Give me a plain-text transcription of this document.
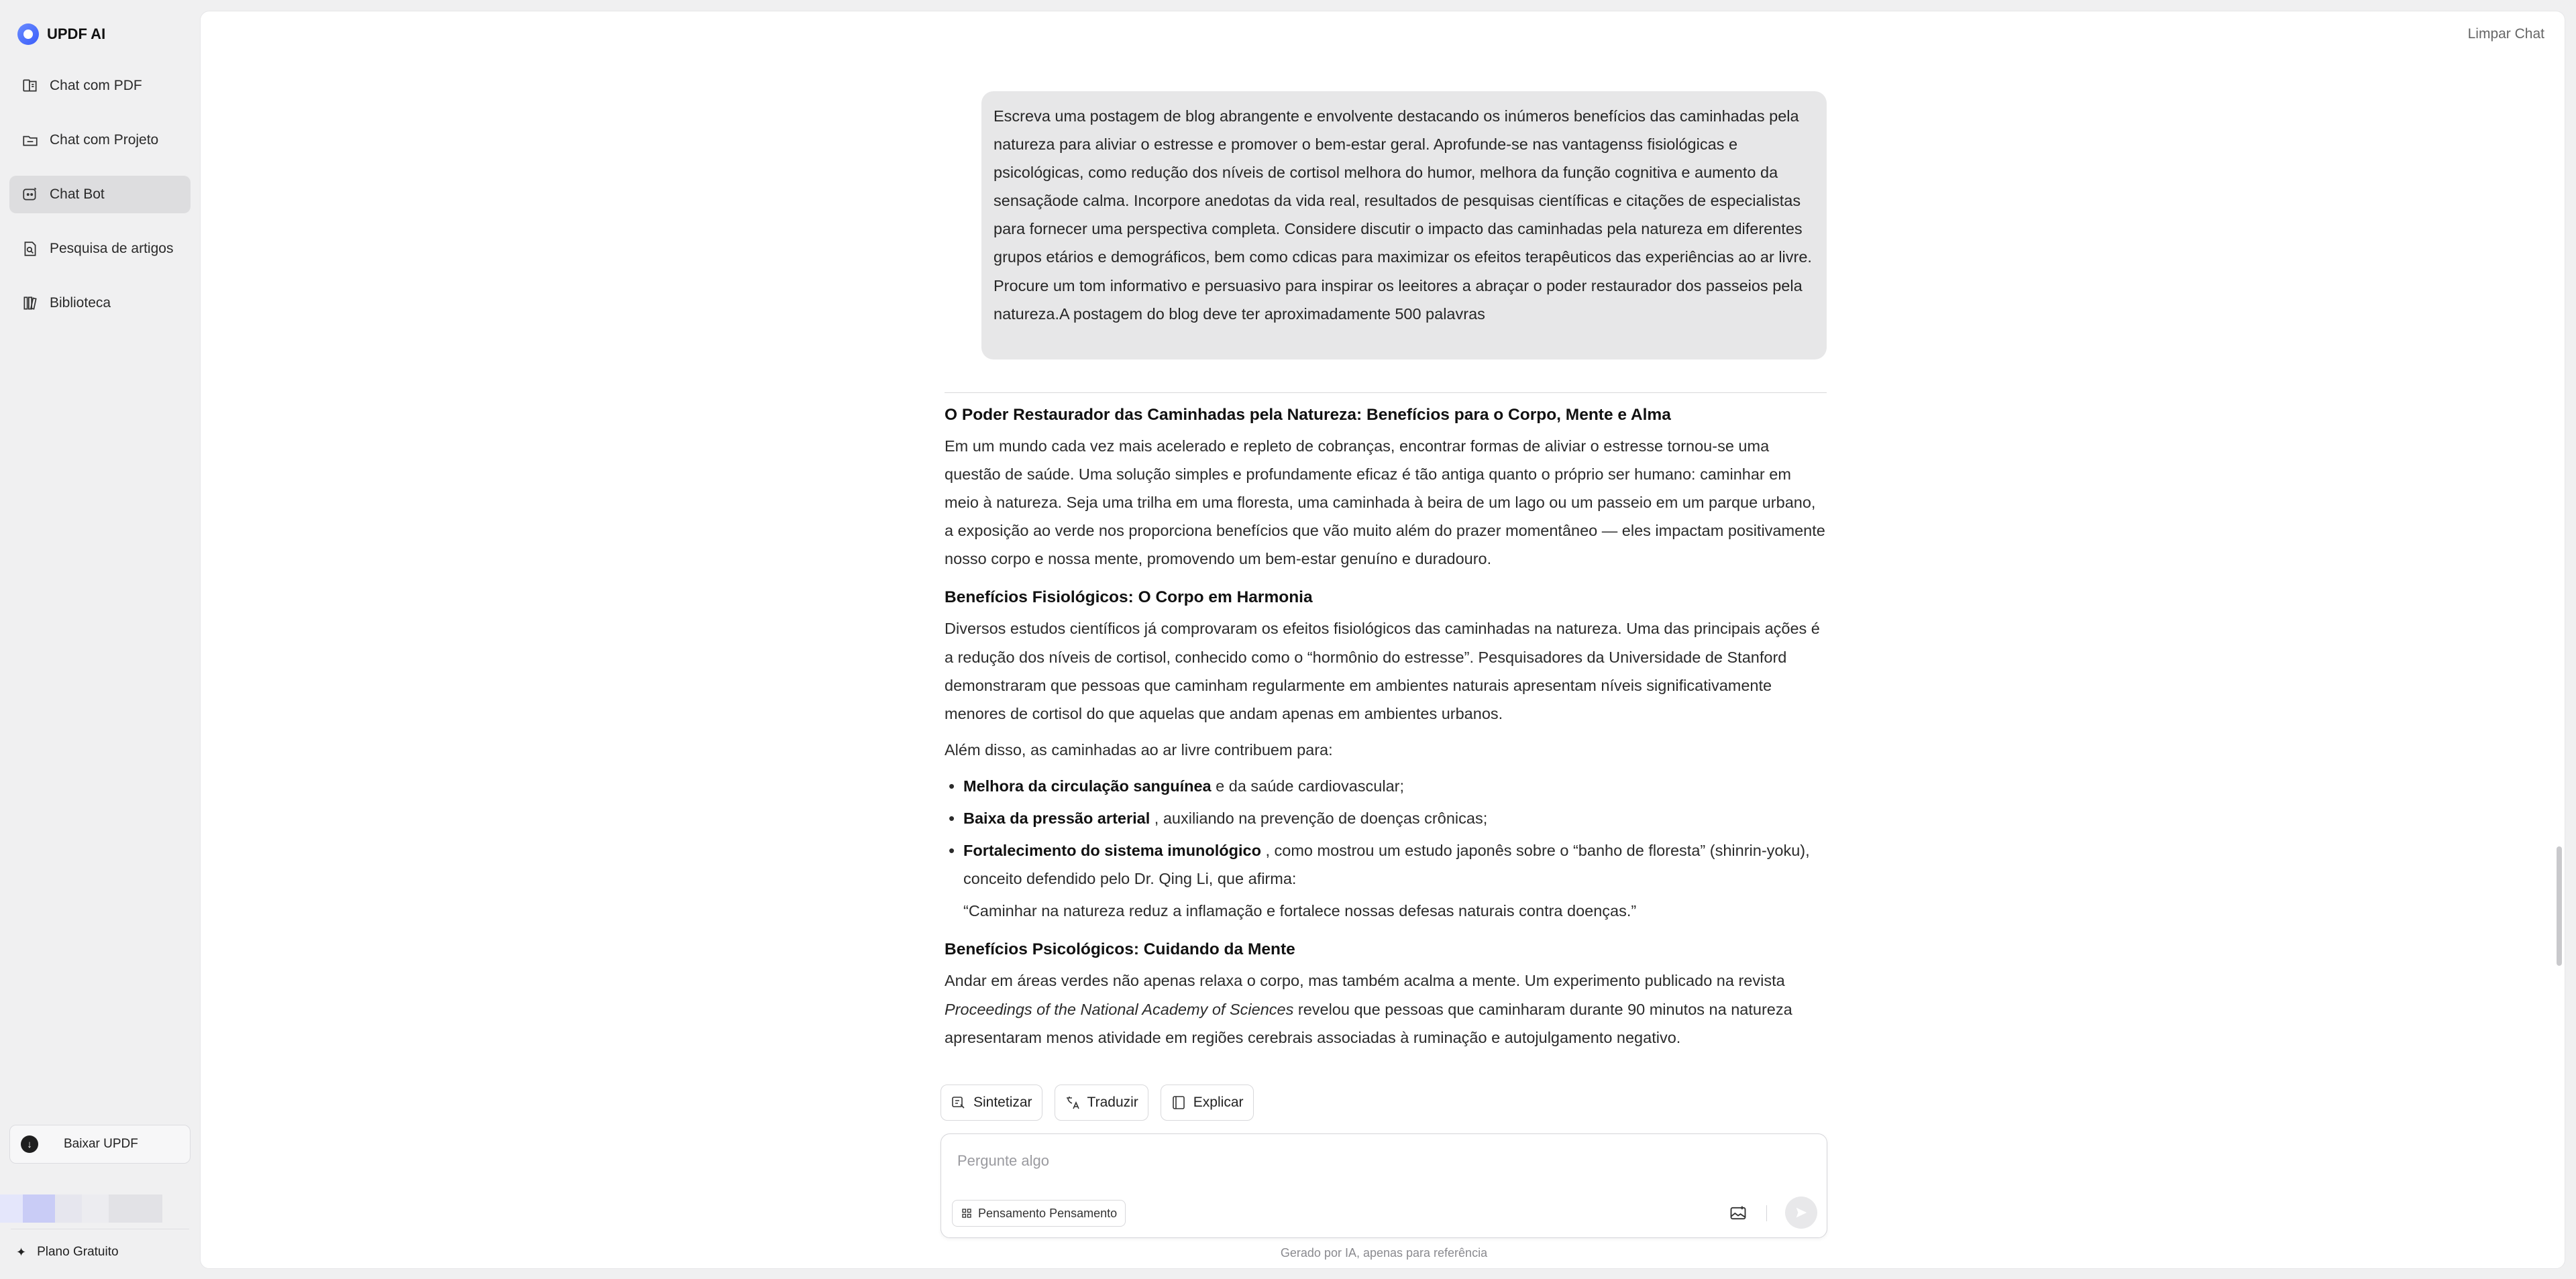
UPDF AI
Chat com PDF
Chat com Projeto
Chat Bot
Pesquisa de artigos
Biblioteca
↓	Baixar UPDF
✦ Plano Gratuito
Limpar Chat
Escreva uma postagem de blog abrangente e envolvente destacando os inúmeros benefícios das caminhadas pela natureza para aliviar o estresse e promover o bem-estar geral. Aprofunde-se nas vantagenss fisiológicas e psicológicas, como redução dos níveis de cortisol melhora do humor, melhora da função cognitiva e aumento da sensaçãode calma. Incorpore anedotas da vida real, resultados de pesquisas científicas e citações de especialistas para fornecer uma perspectiva completa. Considere discutir o impacto das caminhadas pela natureza em diferentes grupos etários e demográficos, bem como cdicas para maximizar os efeitos terapêuticos das experiências ao ar livre. Procure um tom informativo e persuasivo para inspirar os leeitores a abraçar o poder restaurador dos passeios pela natureza.A postagem do blog deve ter aproximadamente 500 palavras
O Poder Restaurador das Caminhadas pela Natureza: Benefícios para o Corpo, Mente e Alma

Em um mundo cada vez mais acelerado e repleto de cobranças, encontrar formas de aliviar o estresse tornou-se uma questão de saúde. Uma solução simples e profundamente eficaz é tão antiga quanto o próprio ser humano: caminhar em meio à natureza. Seja uma trilha em uma floresta, uma caminhada à beira de um lago ou um passeio em um parque urbano, a exposição ao verde nos proporciona benefícios que vão muito além do prazer momentâneo — eles impactam positivamente nosso corpo e nossa mente, promovendo um bem-estar genuíno e duradouro.

Benefícios Fisiológicos: O Corpo em Harmonia

Diversos estudos científicos já comprovaram os efeitos fisiológicos das caminhadas na natureza. Uma das principais ações é a redução dos níveis de cortisol, conhecido como o “hormônio do estresse”. Pesquisadores da Universidade de Stanford demonstraram que pessoas que caminham regularmente em ambientes naturais apresentam níveis significativamente menores de cortisol do que aquelas que andam apenas em ambientes urbanos.

Além disso, as caminhadas ao ar livre contribuem para:

• Melhora da circulação sanguínea e da saúde cardiovascular;
• Baixa da pressão arterial , auxiliando na prevenção de doenças crônicas;
• Fortalecimento do sistema imunológico , como mostrou um estudo japonês sobre o “banho de floresta” (shinrin-yoku), conceito defendido pelo Dr. Qing Li, que afirma:
“Caminhar na natureza reduz a inflamação e fortalece nossas defesas naturais contra doenças.”
Benefícios Psicológicos: Cuidando da Mente

Andar em áreas verdes não apenas relaxa o corpo, mas também acalma a mente. Um experimento publicado na revista Proceedings of the National Academy of Sciences revelou que pessoas que caminharam durante 90 minutos na natureza apresentaram menos atividade em regiões cerebrais associadas à ruminação e autojulgamento negativo.

Sintetizar	Traduzir	Explicar
Pergunte algo
Pensamento Pensamento
Gerado por IA, apenas para referência
